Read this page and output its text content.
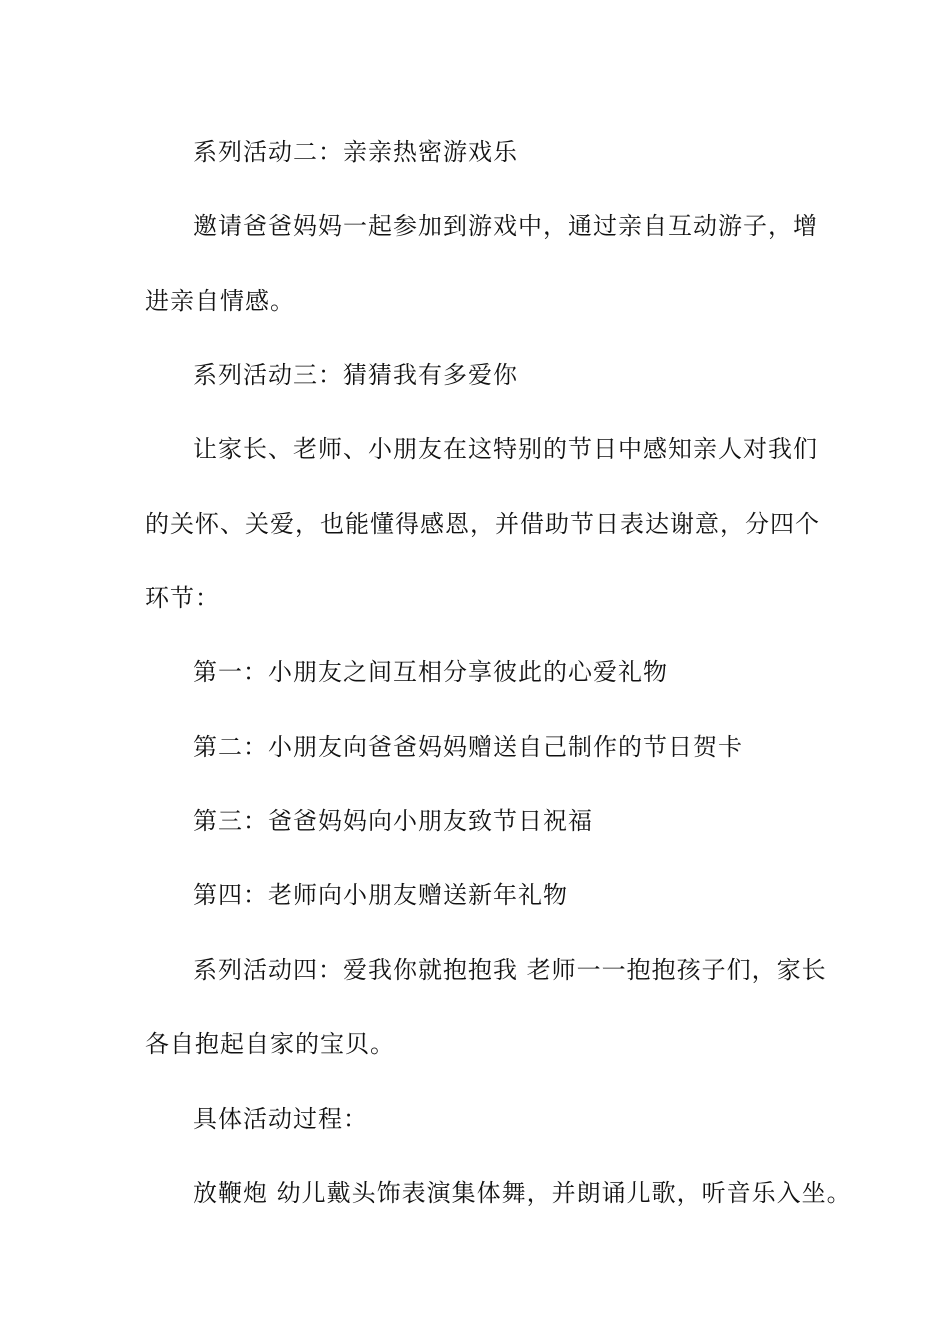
系列活动二：亲亲热密游戏乐
邀请爸爸妈妈一起参加到游戏中，通过亲自互动游子，增
进亲自情感。
系列活动三：猜猜我有多爱你
让家长、老师、小朋友在这特别的节日中感知亲人对我们
的关怀、关爱，也能懂得感恩，并借助节日表达谢意，分四个
环节：
第一：小朋友之间互相分享彼此的心爱礼物
第二：小朋友向爸爸妈妈赠送自己制作的节日贺卡
第三：爸爸妈妈向小朋友致节日祝福
第四：老师向小朋友赠送新年礼物
系列活动四：爱我你就抱抱我 老师一一抱抱孩子们，家长
各自抱起自家的宝贝。
具体活动过程：
放鞭炮 幼儿戴头饰表演集体舞，并朗诵儿歌，听音乐入坐。
